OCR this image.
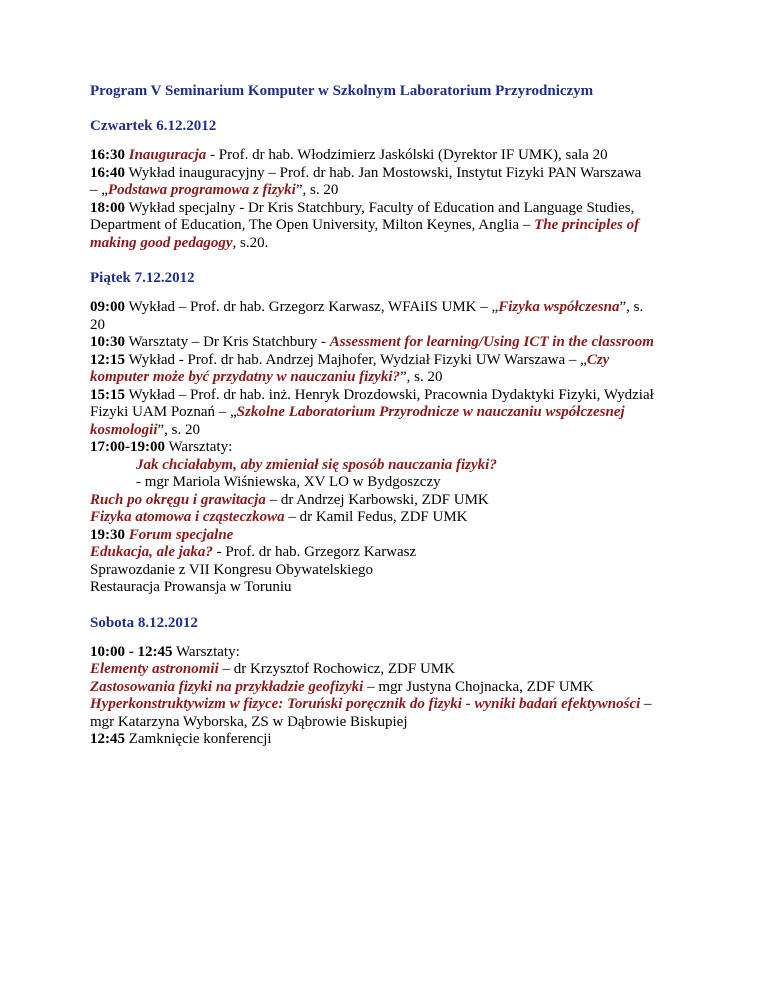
Program V Seminarium Komputer w Szkolnym Laboratorium Przyrodniczym
Czwartek 6.12.2012
16:30 Inauguracja - Prof. dr hab. Włodzimierz Jaskólski (Dyrektor IF UMK), sala 20
16:40 Wykład inauguracyjny – Prof. dr hab. Jan Mostowski, Instytut Fizyki PAN Warszawa
– „Podstawa programowa z fizyki”, s. 20
18:00 Wykład specjalny - Dr Kris Statchbury, Faculty of Education and Language Studies,
Department of Education, The Open University, Milton Keynes, Anglia – The principles of
making good pedagogy, s.20.
Piątek 7.12.2012
09:00 Wykład – Prof. dr hab. Grzegorz Karwasz, WFAiIS UMK – „Fizyka współczesna”, s.
20
10:30 Warsztaty – Dr Kris Statchbury - Assessment for learning/Using ICT in the classroom
12:15 Wykład - Prof. dr hab. Andrzej Majhofer, Wydział Fizyki UW Warszawa – „Czy
komputer może być przydatny w nauczaniu fizyki?”, s. 20
15:15 Wykład – Prof. dr hab. inż. Henryk Drozdowski, Pracownia Dydaktyki Fizyki, Wydział
Fizyki UAM Poznań – „Szkolne Laboratorium Przyrodnicze w nauczaniu współczesnej
kosmologii”, s. 20
17:00-19:00 Warsztaty:
Jak chciałabym, aby zmieniał się sposób nauczania fizyki?
- mgr Mariola Wiśniewska, XV LO w Bydgoszczy
Ruch po okręgu i grawitacja – dr Andrzej Karbowski, ZDF UMK
Fizyka atomowa i cząsteczkowa – dr Kamil Fedus, ZDF UMK
19:30 Forum specjalne
Edukacja, ale jaka? - Prof. dr hab. Grzegorz Karwasz
Sprawozdanie z VII Kongresu Obywatelskiego
Restauracja Prowansja w Toruniu
Sobota 8.12.2012
10:00 - 12:45 Warsztaty:
Elementy astronomii – dr Krzysztof Rochowicz, ZDF UMK
Zastosowania fizyki na przykładzie geofizyki – mgr Justyna Chojnacka, ZDF UMK
Hyperkonstruktywizm w fizyce: Toruński poręcznik do fizyki - wyniki badań efektywności –
mgr Katarzyna Wyborska, ZS w Dąbrowie Biskupiej
12:45 Zamknięcie konferencji
